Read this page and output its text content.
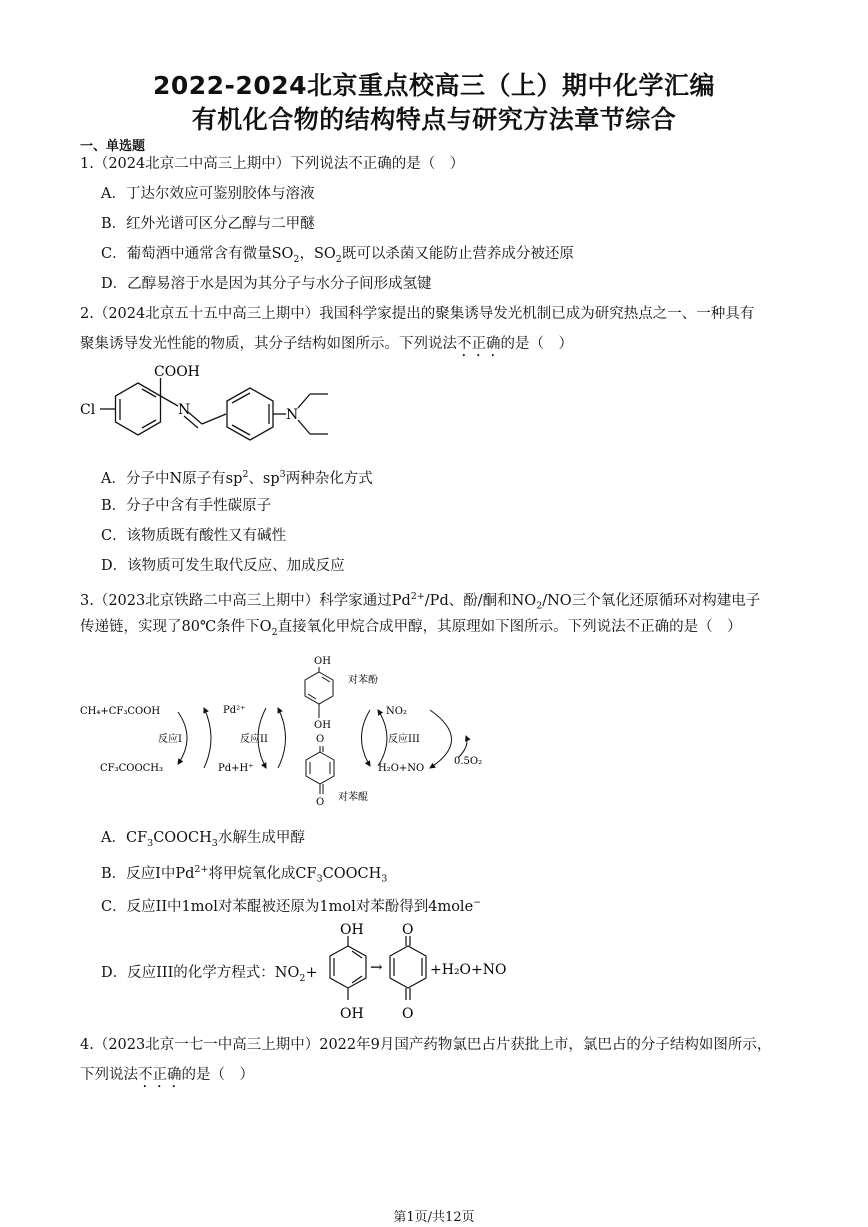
2022-2024北京重点校高三（上）期中化学汇编
有机化合物的结构特点与研究方法章节综合
一、单选题
1.（2024北京二中高三上期中）下列说法不正确的是（　）
A．丁达尔效应可鉴别胶体与溶液
B．红外光谱可区分乙醇与二甲醚
C．葡萄酒中通常含有微量$SO_2$，$SO_2$既可以杀菌又能防止营养成分被还原
D．乙醇易溶于水是因为其分子与水分子间形成氢键
2.（2024北京五十五中高三上期中）我国科学家提出的聚集诱导发光机制已成为研究热点之一、一种具有
聚集诱导发光性能的物质，其分子结构如图所示。下列说法不正确的是（　）
COOH
Cl	N	N
A．分子中N原子有$sp^2$、$sp^3$两种杂化方式
B．分子中含有手性碳原子
C．该物质既有酸性又有碱性
D．该物质可发生取代反应、加成反应
3.（2023北京铁路二中高三上期中）科学家通过$Pd^{2+}/Pd$、酚/酮和$NO_2/NO$三个氧化还原循环对构建电子
传递链，实现了80℃条件下$O_2$直接氧化甲烷合成甲醇，其原理如下图所示。下列说法不正确的是（　）
CH₄+CF₃COOH
CF₃COOCH₃
反应I
Pd²⁺
Pd+H⁺
反应II
OH
OH
对苯酚
O
O 对苯醌
反应III
NO₂
H₂O+NO
0.5O₂
A．$CF_3COOCH_3$水解生成甲醇
B．反应I中$Pd^{2+}$将甲烷氧化成$CF_3COOCH_3$
C．反应II中1mol对苯醌被还原为1mol对苯酚得到4mole−
D．反应III的化学方程式：$NO_2+$
OH
OH
O
O
→	+H₂O+NO
4.（2023北京一七一中高三上期中）2022年9月国产药物氯巴占片获批上市，氯巴占的分子结构如图所示，
下列说法不正确的是（　）
第1页/共12页
